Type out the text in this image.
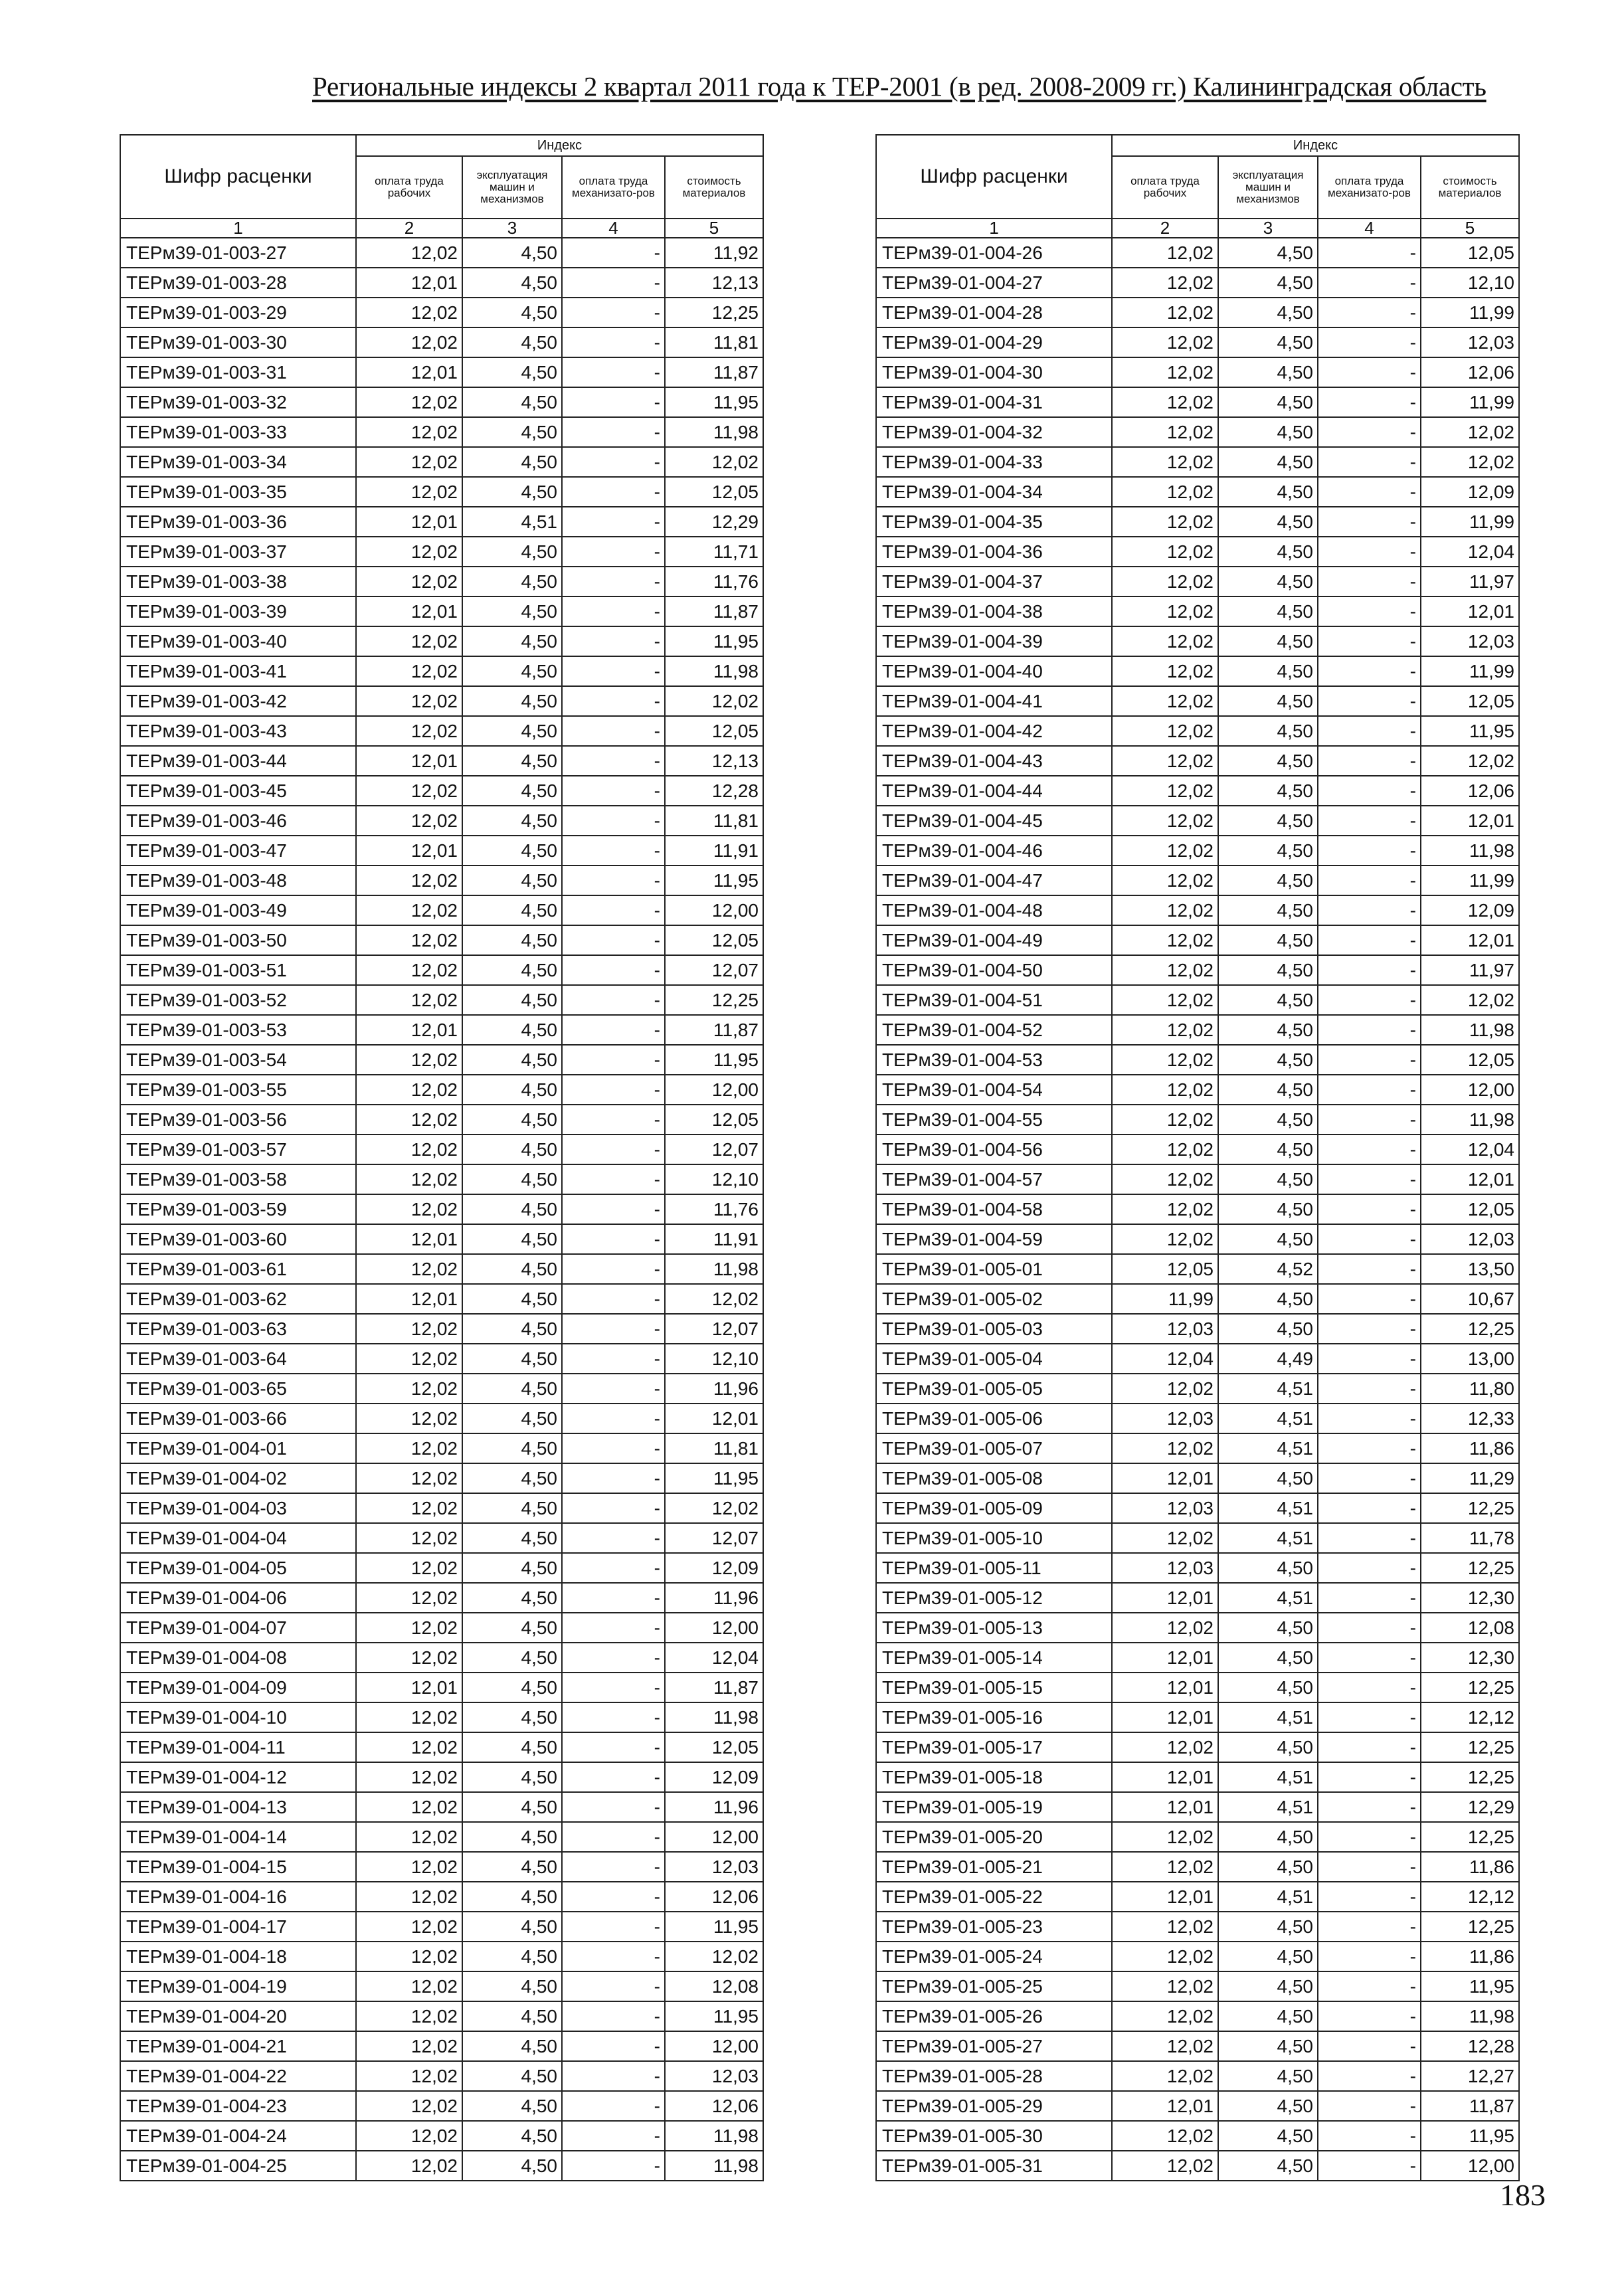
Региональные индексы 2 квартал 2011 года к ТЕР-2001 (в ред. 2008-2009 гг.) Калининградская область
Шифр расценки	Индекс			
	оплата труда рабочих	эксплуатация машин и механизмов	оплата труда механизато-ров	стоимость материалов
1	2	3	4	5
ТЕРм39-01-003-27	12,02	4,50	-	11,92
ТЕРм39-01-003-28	12,01	4,50	-	12,13
ТЕРм39-01-003-29	12,02	4,50	-	12,25
ТЕРм39-01-003-30	12,02	4,50	-	11,81
ТЕРм39-01-003-31	12,01	4,50	-	11,87
ТЕРм39-01-003-32	12,02	4,50	-	11,95
ТЕРм39-01-003-33	12,02	4,50	-	11,98
ТЕРм39-01-003-34	12,02	4,50	-	12,02
ТЕРм39-01-003-35	12,02	4,50	-	12,05
ТЕРм39-01-003-36	12,01	4,51	-	12,29
ТЕРм39-01-003-37	12,02	4,50	-	11,71
ТЕРм39-01-003-38	12,02	4,50	-	11,76
ТЕРм39-01-003-39	12,01	4,50	-	11,87
ТЕРм39-01-003-40	12,02	4,50	-	11,95
ТЕРм39-01-003-41	12,02	4,50	-	11,98
ТЕРм39-01-003-42	12,02	4,50	-	12,02
ТЕРм39-01-003-43	12,02	4,50	-	12,05
ТЕРм39-01-003-44	12,01	4,50	-	12,13
ТЕРм39-01-003-45	12,02	4,50	-	12,28
ТЕРм39-01-003-46	12,02	4,50	-	11,81
ТЕРм39-01-003-47	12,01	4,50	-	11,91
ТЕРм39-01-003-48	12,02	4,50	-	11,95
ТЕРм39-01-003-49	12,02	4,50	-	12,00
ТЕРм39-01-003-50	12,02	4,50	-	12,05
ТЕРм39-01-003-51	12,02	4,50	-	12,07
ТЕРм39-01-003-52	12,02	4,50	-	12,25
ТЕРм39-01-003-53	12,01	4,50	-	11,87
ТЕРм39-01-003-54	12,02	4,50	-	11,95
ТЕРм39-01-003-55	12,02	4,50	-	12,00
ТЕРм39-01-003-56	12,02	4,50	-	12,05
ТЕРм39-01-003-57	12,02	4,50	-	12,07
ТЕРм39-01-003-58	12,02	4,50	-	12,10
ТЕРм39-01-003-59	12,02	4,50	-	11,76
ТЕРм39-01-003-60	12,01	4,50	-	11,91
ТЕРм39-01-003-61	12,02	4,50	-	11,98
ТЕРм39-01-003-62	12,01	4,50	-	12,02
ТЕРм39-01-003-63	12,02	4,50	-	12,07
ТЕРм39-01-003-64	12,02	4,50	-	12,10
ТЕРм39-01-003-65	12,02	4,50	-	11,96
ТЕРм39-01-003-66	12,02	4,50	-	12,01
ТЕРм39-01-004-01	12,02	4,50	-	11,81
ТЕРм39-01-004-02	12,02	4,50	-	11,95
ТЕРм39-01-004-03	12,02	4,50	-	12,02
ТЕРм39-01-004-04	12,02	4,50	-	12,07
ТЕРм39-01-004-05	12,02	4,50	-	12,09
ТЕРм39-01-004-06	12,02	4,50	-	11,96
ТЕРм39-01-004-07	12,02	4,50	-	12,00
ТЕРм39-01-004-08	12,02	4,50	-	12,04
ТЕРм39-01-004-09	12,01	4,50	-	11,87
ТЕРм39-01-004-10	12,02	4,50	-	11,98
ТЕРм39-01-004-11	12,02	4,50	-	12,05
ТЕРм39-01-004-12	12,02	4,50	-	12,09
ТЕРм39-01-004-13	12,02	4,50	-	11,96
ТЕРм39-01-004-14	12,02	4,50	-	12,00
ТЕРм39-01-004-15	12,02	4,50	-	12,03
ТЕРм39-01-004-16	12,02	4,50	-	12,06
ТЕРм39-01-004-17	12,02	4,50	-	11,95
ТЕРм39-01-004-18	12,02	4,50	-	12,02
ТЕРм39-01-004-19	12,02	4,50	-	12,08
ТЕРм39-01-004-20	12,02	4,50	-	11,95
ТЕРм39-01-004-21	12,02	4,50	-	12,00
ТЕРм39-01-004-22	12,02	4,50	-	12,03
ТЕРм39-01-004-23	12,02	4,50	-	12,06
ТЕРм39-01-004-24	12,02	4,50	-	11,98
ТЕРм39-01-004-25	12,02	4,50	-	11,98
Шифр расценки	Индекс			
	оплата труда рабочих	эксплуатация машин и механизмов	оплата труда механизато-ров	стоимость материалов
1	2	3	4	5
ТЕРм39-01-004-26	12,02	4,50	-	12,05
ТЕРм39-01-004-27	12,02	4,50	-	12,10
ТЕРм39-01-004-28	12,02	4,50	-	11,99
ТЕРм39-01-004-29	12,02	4,50	-	12,03
ТЕРм39-01-004-30	12,02	4,50	-	12,06
ТЕРм39-01-004-31	12,02	4,50	-	11,99
ТЕРм39-01-004-32	12,02	4,50	-	12,02
ТЕРм39-01-004-33	12,02	4,50	-	12,02
ТЕРм39-01-004-34	12,02	4,50	-	12,09
ТЕРм39-01-004-35	12,02	4,50	-	11,99
ТЕРм39-01-004-36	12,02	4,50	-	12,04
ТЕРм39-01-004-37	12,02	4,50	-	11,97
ТЕРм39-01-004-38	12,02	4,50	-	12,01
ТЕРм39-01-004-39	12,02	4,50	-	12,03
ТЕРм39-01-004-40	12,02	4,50	-	11,99
ТЕРм39-01-004-41	12,02	4,50	-	12,05
ТЕРм39-01-004-42	12,02	4,50	-	11,95
ТЕРм39-01-004-43	12,02	4,50	-	12,02
ТЕРм39-01-004-44	12,02	4,50	-	12,06
ТЕРм39-01-004-45	12,02	4,50	-	12,01
ТЕРм39-01-004-46	12,02	4,50	-	11,98
ТЕРм39-01-004-47	12,02	4,50	-	11,99
ТЕРм39-01-004-48	12,02	4,50	-	12,09
ТЕРм39-01-004-49	12,02	4,50	-	12,01
ТЕРм39-01-004-50	12,02	4,50	-	11,97
ТЕРм39-01-004-51	12,02	4,50	-	12,02
ТЕРм39-01-004-52	12,02	4,50	-	11,98
ТЕРм39-01-004-53	12,02	4,50	-	12,05
ТЕРм39-01-004-54	12,02	4,50	-	12,00
ТЕРм39-01-004-55	12,02	4,50	-	11,98
ТЕРм39-01-004-56	12,02	4,50	-	12,04
ТЕРм39-01-004-57	12,02	4,50	-	12,01
ТЕРм39-01-004-58	12,02	4,50	-	12,05
ТЕРм39-01-004-59	12,02	4,50	-	12,03
ТЕРм39-01-005-01	12,05	4,52	-	13,50
ТЕРм39-01-005-02	11,99	4,50	-	10,67
ТЕРм39-01-005-03	12,03	4,50	-	12,25
ТЕРм39-01-005-04	12,04	4,49	-	13,00
ТЕРм39-01-005-05	12,02	4,51	-	11,80
ТЕРм39-01-005-06	12,03	4,51	-	12,33
ТЕРм39-01-005-07	12,02	4,51	-	11,86
ТЕРм39-01-005-08	12,01	4,50	-	11,29
ТЕРм39-01-005-09	12,03	4,51	-	12,25
ТЕРм39-01-005-10	12,02	4,51	-	11,78
ТЕРм39-01-005-11	12,03	4,50	-	12,25
ТЕРм39-01-005-12	12,01	4,51	-	12,30
ТЕРм39-01-005-13	12,02	4,50	-	12,08
ТЕРм39-01-005-14	12,01	4,50	-	12,30
ТЕРм39-01-005-15	12,01	4,50	-	12,25
ТЕРм39-01-005-16	12,01	4,51	-	12,12
ТЕРм39-01-005-17	12,02	4,50	-	12,25
ТЕРм39-01-005-18	12,01	4,51	-	12,25
ТЕРм39-01-005-19	12,01	4,51	-	12,29
ТЕРм39-01-005-20	12,02	4,50	-	12,25
ТЕРм39-01-005-21	12,02	4,50	-	11,86
ТЕРм39-01-005-22	12,01	4,51	-	12,12
ТЕРм39-01-005-23	12,02	4,50	-	12,25
ТЕРм39-01-005-24	12,02	4,50	-	11,86
ТЕРм39-01-005-25	12,02	4,50	-	11,95
ТЕРм39-01-005-26	12,02	4,50	-	11,98
ТЕРм39-01-005-27	12,02	4,50	-	12,28
ТЕРм39-01-005-28	12,02	4,50	-	12,27
ТЕРм39-01-005-29	12,01	4,50	-	11,87
ТЕРм39-01-005-30	12,02	4,50	-	11,95
ТЕРм39-01-005-31	12,02	4,50	-	12,00
183
